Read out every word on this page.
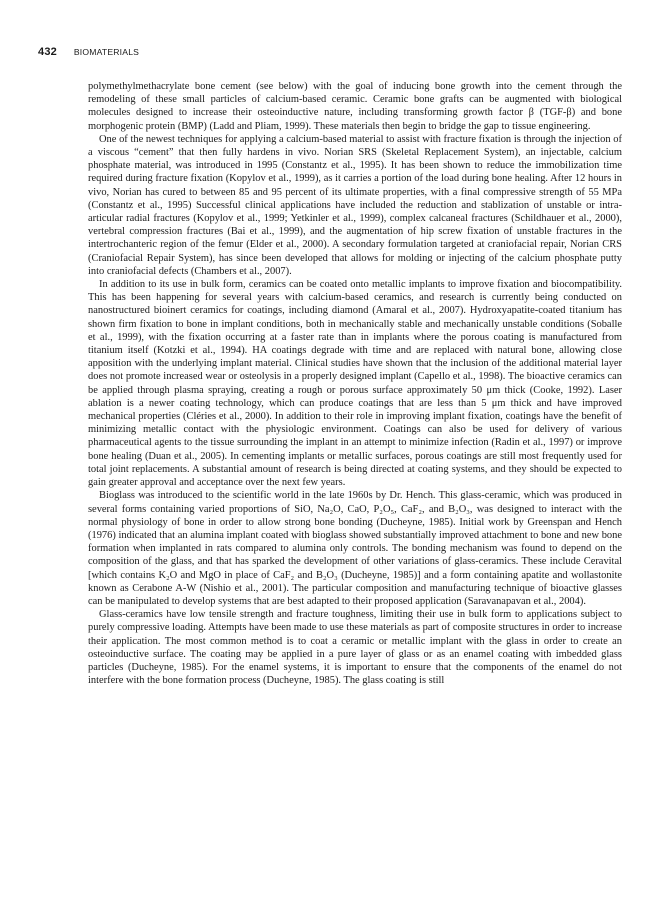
432 BIOMATERIALS

polymethylmethacrylate bone cement (see below) with the goal of inducing bone growth into the cement through the remodeling of these small particles of calcium-based ceramic. Ceramic bone grafts can be augmented with biological molecules designed to increase their osteoinductive nature, including transforming growth factor β (TGF-β) and bone morphogenic protein (BMP) (Ladd and Pliam, 1999). These materials then begin to bridge the gap to tissue engineering.

One of the newest techniques for applying a calcium-based material to assist with fracture fixation is through the injection of a viscous “cement” that then fully hardens in vivo. Norian SRS (Skeletal Replacement System), an injectable, calcium phosphate material, was introduced in 1995 (Constantz et al., 1995). It has been shown to reduce the immobilization time required during fracture fixation (Kopylov et al., 1999), as it carries a portion of the load during bone healing. After 12 hours in vivo, Norian has cured to between 85 and 95 percent of its ultimate properties, with a final compressive strength of 55 MPa (Constantz et al., 1995) Successful clinical applications have included the reduction and stablization of unstable or intra-articular radial fractures (Kopylov et al., 1999; Yetkinler et al., 1999), complex calcaneal fractures (Schildhauer et al., 2000), vertebral compression fractures (Bai et al., 1999), and the augmentation of hip screw fixation of unstable fractures in the intertrochanteric region of the femur (Elder et al., 2000). A secondary formulation targeted at craniofacial repair, Norian CRS (Craniofacial Repair System), has since been developed that allows for molding or injecting of the calcium phosphate putty into craniofacial defects (Chambers et al., 2007).

In addition to its use in bulk form, ceramics can be coated onto metallic implants to improve fixation and biocompatibility. This has been happening for several years with calcium-based ceramics, and research is currently being conducted on nanostructured bioinert ceramics for coatings, including diamond (Amaral et al., 2007). Hydroxyapatite-coated titanium has shown firm fixation to bone in implant conditions, both in mechanically stable and mechanically unstable conditions (Soballe et al., 1999), with the fixation occurring at a faster rate than in implants where the porous coating is manufactured from titanium itself (Kotzki et al., 1994). HA coatings degrade with time and are replaced with natural bone, allowing close apposition with the underlying implant material. Clinical studies have shown that the inclusion of the additional material layer does not promote increased wear or osteolysis in a properly designed implant (Capello et al., 1998). The bioactive ceramics can be applied through plasma spraying, creating a rough or porous surface approximately 50 μm thick (Cooke, 1992). Laser ablation is a newer coating technology, which can produce coatings that are less than 5 μm thick and have improved mechanical properties (Cléries et al., 2000). In addition to their role in improving implant fixation, coatings have the benefit of minimizing metallic contact with the physiologic environment. Coatings can also be used for delivery of various pharmaceutical agents to the tissue surrounding the implant in an attempt to minimize infection (Radin et al., 1997) or improve bone healing (Duan et al., 2005). In cementing implants or metallic surfaces, porous coatings are still most frequently used for total joint replacements. A substantial amount of research is being directed at coating systems, and they should be expected to gain greater approval and acceptance over the next few years.

Bioglass was introduced to the scientific world in the late 1960s by Dr. Hench. This glass-ceramic, which was produced in several forms containing varied proportions of SiO, Na₂O, CaO, P₂O₅, CaF₂, and B₂O₃, was designed to interact with the normal physiology of bone in order to allow strong bone bonding (Ducheyne, 1985). Initial work by Greenspan and Hench (1976) indicated that an alumina implant coated with bioglass showed substantially improved attachment to bone and new bone formation when implanted in rats compared to alumina only controls. The bonding mechanism was found to depend on the composition of the glass, and that has sparked the development of other variations of glass-ceramics. These include Ceravital [which contains K₂O and MgO in place of CaF₂ and B₂O₃ (Ducheyne, 1985)] and a form containing apatite and wollastonite known as Cerabone A-W (Nishio et al., 2001). The particular composition and manufacturing technique of bioactive glasses can be manipulated to develop systems that are best adapted to their proposed application (Saravanapavan et al., 2004).

Glass-ceramics have low tensile strength and fracture toughness, limiting their use in bulk form to applications subject to purely compressive loading. Attempts have been made to use these materials as part of composite structures in order to increase their application. The most common method is to coat a ceramic or metallic implant with the glass in order to create an osteoinductive surface. The coating may be applied in a pure layer of glass or as an enamel coating with imbedded glass particles (Ducheyne, 1985). For the enamel systems, it is important to ensure that the components of the enamel do not interfere with the bone formation process (Ducheyne, 1985). The glass coating is still
